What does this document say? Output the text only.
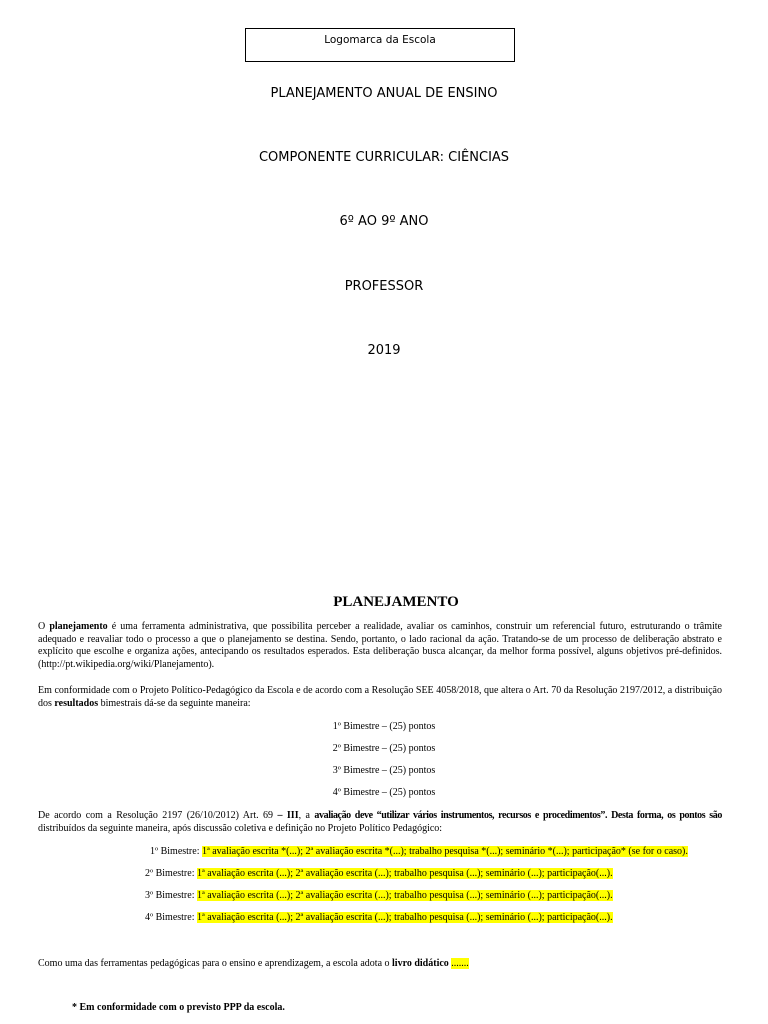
Logomarca da Escola
PLANEJAMENTO ANUAL DE ENSINO
COMPONENTE CURRICULAR: CIÊNCIAS
6º AO 9º ANO
PROFESSOR
2019
PLANEJAMENTO
O planejamento é uma ferramenta administrativa, que possibilita perceber a realidade, avaliar os caminhos, construir um referencial futuro, estruturando o trâmite adequado e reavaliar todo o processo a que o planejamento se destina. Sendo, portanto, o lado racional da ação. Tratando-se de um processo de deliberação abstrato e explícito que escolhe e organiza ações, antecipando os resultados esperados. Esta deliberação busca alcançar, da melhor forma possível, alguns objetivos pré-definidos. (http://pt.wikipedia.org/wiki/Planejamento).
Em conformidade com o Projeto Político-Pedagógico da Escola e de acordo com a Resolução SEE 4058/2018, que altera o Art. 70 da Resolução 2197/2012, a distribuição dos resultados bimestrais dá-se da seguinte maneira:
1º Bimestre – (25) pontos
2º Bimestre – (25) pontos
3º Bimestre – (25) pontos
4º Bimestre – (25) pontos
De acordo com a Resolução 2197 (26/10/2012) Art. 69 – III, a avaliação deve “utilizar vários instrumentos, recursos e procedimentos”. Desta forma, os pontos são distribuídos da seguinte maneira, após discussão coletiva e definição no Projeto Político Pedagógico:
1º Bimestre: 1ª avaliação escrita *(...); 2ª avaliação escrita *(...); trabalho pesquisa *(...); seminário *(...); participação* (se for o caso).
2º Bimestre: 1ª avaliação escrita (...); 2ª avaliação escrita (...); trabalho pesquisa (...); seminário (...); participação(...).
3º Bimestre: 1ª avaliação escrita (...); 2ª avaliação escrita (...); trabalho pesquisa (...); seminário (...); participação(...).
4º Bimestre: 1ª avaliação escrita (...); 2ª avaliação escrita (...); trabalho pesquisa (...); seminário (...); participação(...).
Como uma das ferramentas pedagógicas para o ensino e aprendizagem, a escola adota o livro didático .......
* Em conformidade com o previsto PPP da escola.
